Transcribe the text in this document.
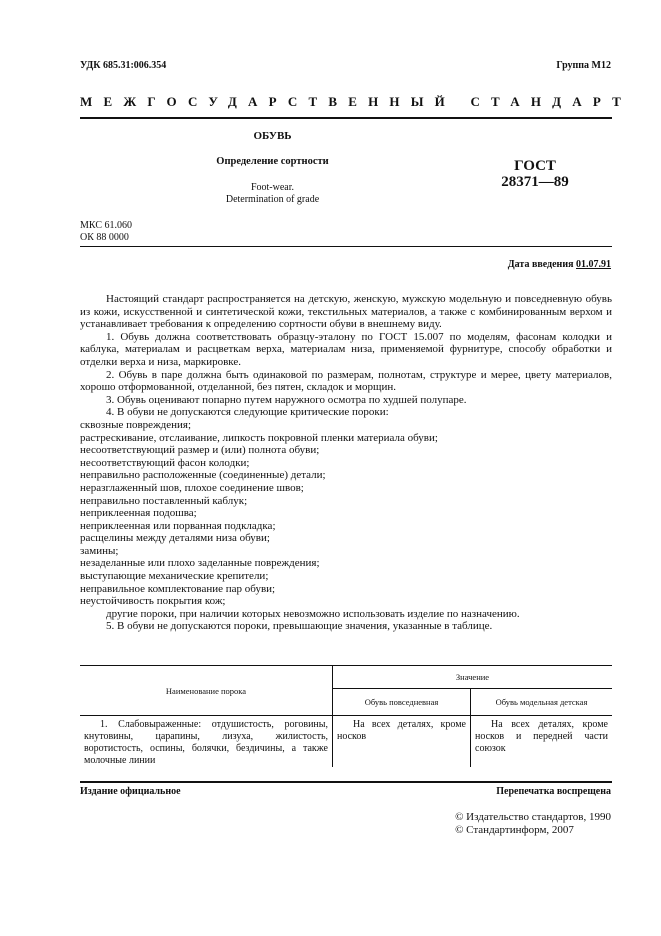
УДК 685.31:006.354	Группа М12
МЕЖГОСУДАРСТВЕННЫЙ СТАНДАРТ
ОБУВЬ
Определение сортности
Foot-wear.
Determination of grade
ГОСТ
28371—89
МКС 61.060
ОК 88 0000
Дата введения 01.07.91

Настоящий стандарт распространяется на детскую, женскую, мужскую модельную и повседневную обувь из кожи, искусственной и синтетической кожи, текстильных материалов, а также с комбинированным верхом и устанавливает требования к определению сортности обуви в внешнему виду.

1. Обувь должна соответствовать образцу-эталону по ГОСТ 15.007 по моделям, фасонам колодки и каблука, материалам и расцветкам верха, материалам низа, применяемой фурнитуре, способу обработки и отделки верха и низа, маркировке.

2. Обувь в паре должна быть одинаковой по размерам, полнотам, структуре и мерее, цвету материалов, хорошо отформованной, отделанной, без пятен, складок и морщин.

3. Обувь оценивают попарно путем наружного осмотра по худшей полупаре.

4. В обуви не допускаются следующие критические пороки:

сквозные повреждения;

растрескивание, отслаивание, липкость покровной пленки материала обуви;

несоответствующий размер и (или) полнота обуви;

несоответствующий фасон колодки;

неправильно расположенные (соединенные) детали;

неразглаженный шов, плохое соединение швов;

неправильно поставленный каблук;

неприклеенная подошва;

неприклеенная или порванная подкладка;

расщелины между деталями низа обуви;

замины;

незаделанные или плохо заделанные повреждения;

выступающие механические крепители;

неправильное комплектование пар обуви;

неустойчивость покрытия кож;

другие пороки, при наличии которых невозможно использовать изделие по назначению.

5. В обуви не допускаются пороки, превышающие значения, указанные в таблице.

Наименование порока	Значение	
	Обувь повседневная	Обувь модельная детская
1. Слабовыраженные: отдушистость, роговины, кнутовины, царапины, лизуха, жилистость, воротистость, оспины, болячки, бездичины, а также молочные линии	На всех деталях, кроме носков	На всех деталях, кроме носков и передней части союзок
Издание официальное	Перепечатка воспрещена
© Издательство стандартов, 1990
© Стандартинформ, 2007
